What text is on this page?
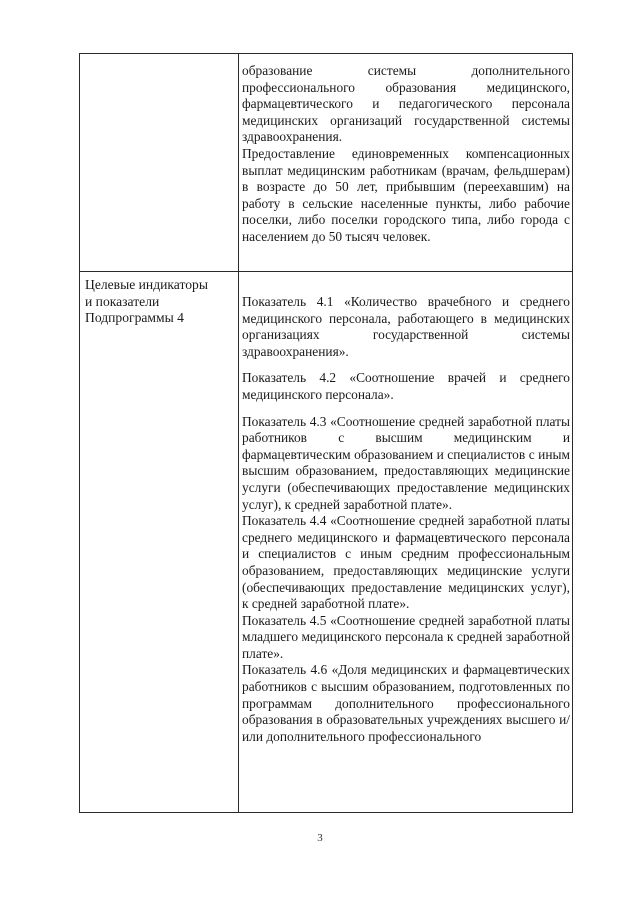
Целевые индикаторы
и показатели
Подпрограммы 4

образование системы дополнительного профессионального образования медицинского, фармацевтического и педагогического персонала медицинских организаций государственной системы здравоохранения.

Предоставление единовременных компенсационных выплат медицинским работникам (врачам, фельдшерам) в возрасте до 50 лет, прибывшим (переехавшим) на работу в сельские населенные пункты, либо рабочие поселки, либо поселки городского типа, либо города с населением до 50 тысяч человек.

Показатель 4.1 «Количество врачебного и среднего медицинского персонала, работающего в медицинских организациях государственной системы здравоохранения».

Показатель 4.2 «Соотношение врачей и среднего медицинского персонала».

Показатель 4.3 «Соотношение средней заработной платы работников с высшим медицинским и фармацевтическим образованием и специалистов с иным высшим образованием, предоставляющих медицинские услуги (обеспечивающих предоставление медицинских услуг), к средней заработной плате».

Показатель 4.4 «Соотношение средней заработной платы среднего медицинского и фармацевтического персонала и специалистов с иным средним профессиональным образованием, предоставляющих медицинские услуги (обеспечивающих предоставление медицинских услуг), к средней заработной плате».

Показатель 4.5 «Соотношение средней заработной платы младшего медицинского персонала к средней заработной плате».

Показатель 4.6 «Доля медицинских и фармацевтических работников с высшим образованием, подготовленных по программам дополнительного профессионального образования в образовательных учреждениях высшего и/или дополнительного профессионального

3
